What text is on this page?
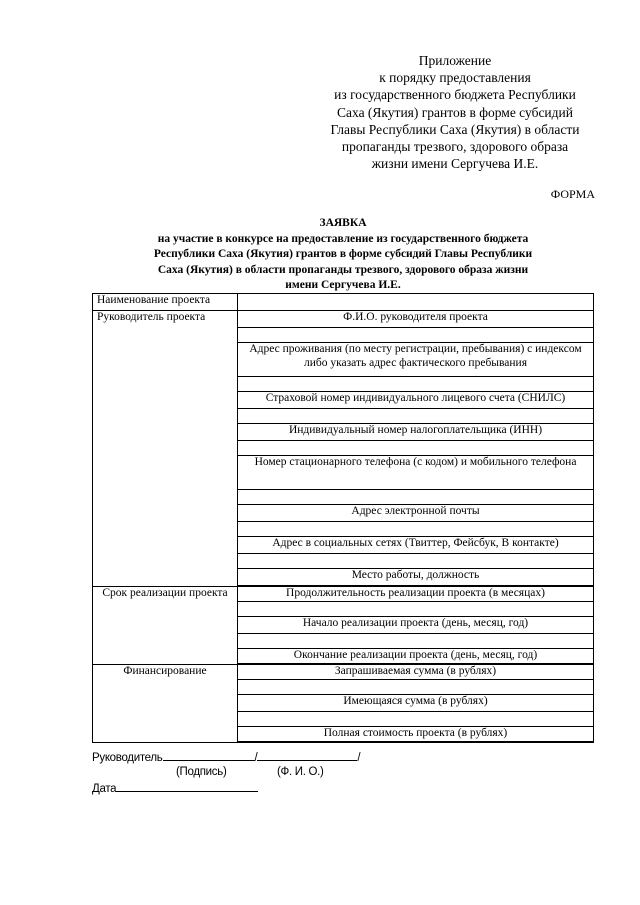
Приложение
к порядку предоставления
из государственного бюджета Республики
Саха (Якутия) грантов в форме субсидий
Главы Республики Саха (Якутия) в области
пропаганды трезвого, здорового образа
жизни имени Сергучева И.Е.
ФОРМА
ЗАЯВКА
на участие в конкурсе на предоставление из государственного бюджета
Республики Саха (Якутия) грантов в форме субсидий Главы Республики
Саха (Якутия) в области пропаганды трезвого, здорового образа жизни
имени Сергучева И.Е.
Наименование проекта	
Руководитель проекта	Ф.И.О. руководителя проекта

	Адрес проживания (по месту регистрации, пребывания) с индексом либо указать адрес фактического пребывания

	Страховой номер индивидуального лицевого счета (СНИЛС)

	Индивидуальный номер налогоплательщика (ИНН)

	Номер стационарного телефона (с кодом) и мобильного телефона

	Адрес электронной почты

	Адрес в социальных сетях (Твиттер, Фейсбук, В контакте)

	Место работы, должность

Срок реализации проекта	Продолжительность реализации проекта (в месяцах)

	Начало реализации проекта (день, месяц, год)

	Окончание реализации проекта (день, месяц, год)

Финансирование	Запрашиваемая сумма (в рублях)

	Имеющаяся сумма (в рублях)

	Полная стоимость проекта (в рублях)

Руководитель	/	/
(Подпись)	(Ф. И. О.)
Дата
